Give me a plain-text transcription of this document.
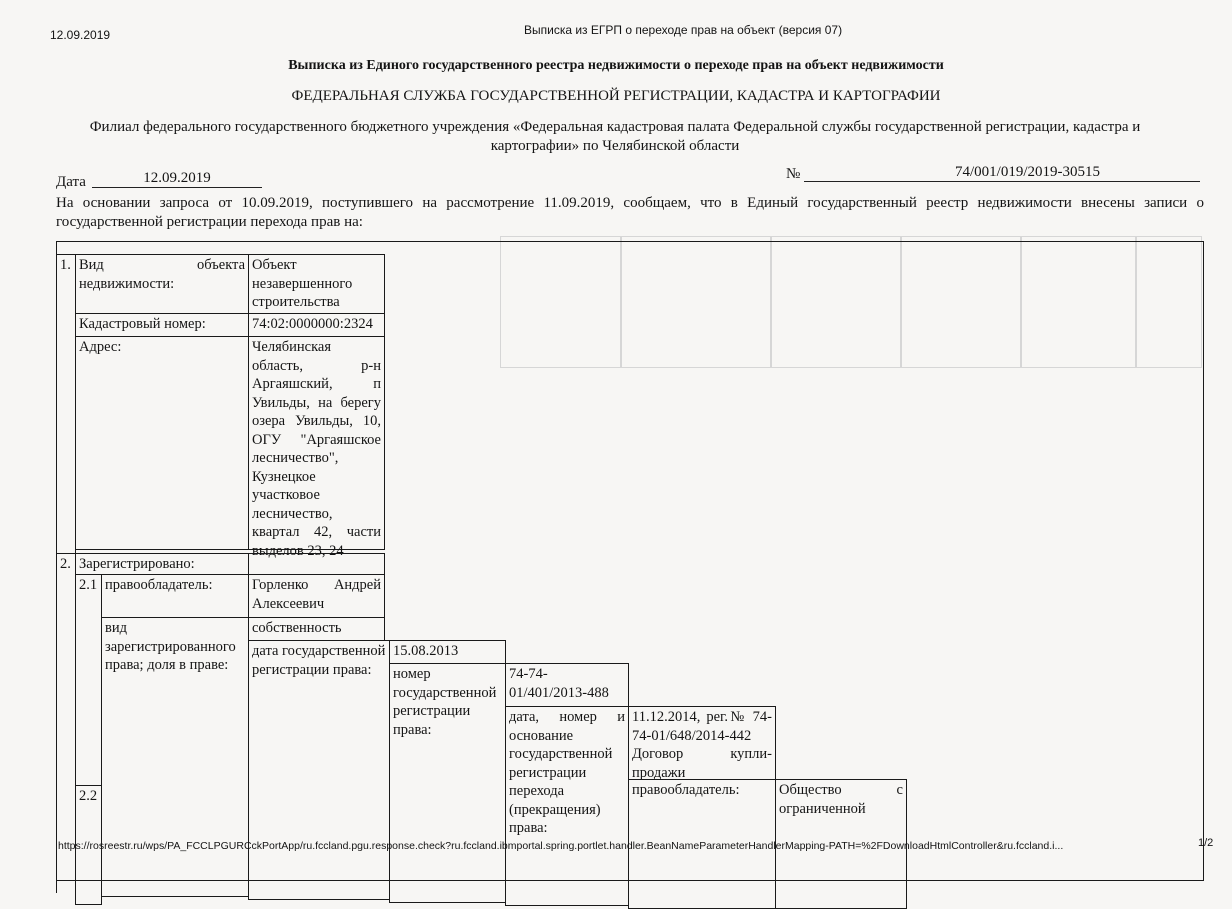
12.09.2019	Выписка из ЕГРП о переходе прав на объект (версия 07)
Выписка из Единого государственного реестра недвижимости о переходе прав на объект недвижимости
ФЕДЕРАЛЬНАЯ СЛУЖБА ГОСУДАРСТВЕННОЙ РЕГИСТРАЦИИ, КАДАСТРА И КАРТОГРАФИИ
Филиал федерального государственного бюджетного учреждения «Федеральная кадастровая палата Федеральной службы государственной регистрации, кадастра и картографии» по Челябинской области
Дата	12.09.2019	№	74/001/019/2019-30515
На основании запроса от 10.09.2019, поступившего на рассмотрение 11.09.2019, сообщаем, что в Единый государственный реестр недвижимости внесены записи о государственной регистрации перехода прав на:
1. Вид объекта недвижимости:
Объект незавершенного строительства
Кадастровый номер:	74:02:0000000:2324
Адрес:	Челябинская область, р-н Аргаяшский, п Увильды, на берегу озера Увильды, 10, ОГУ "Аргаяшское лесничество", Кузнецкое участковое лесничество, квартал 42, части выделов 23, 24
2. Зарегистрировано:
2.1 правообладатель:	Горленко Андрей Алексеевич
вид зарегистрированного права; доля в праве:
собственность
дата государственной регистрации права:
15.08.2013
номер государственной регистрации права:
74-74-01/401/2013-488
дата, номер и основание государственной регистрации перехода (прекращения) права:
11.12.2014, рег.№ 74-74-01/648/2014-442 Договор купли-продажи
2.2	правообладатель:	Общество с ограниченной
https://rosreestr.ru/wps/PA_FCCLPGURCckPortApp/ru.fccland.pgu.response.check?ru.fccland.ibmportal.spring.portlet.handler.BeanNameParameterHandlerMapping-PATH=%2FDownloadHtmlController&ru.fccland.i...	1/2
